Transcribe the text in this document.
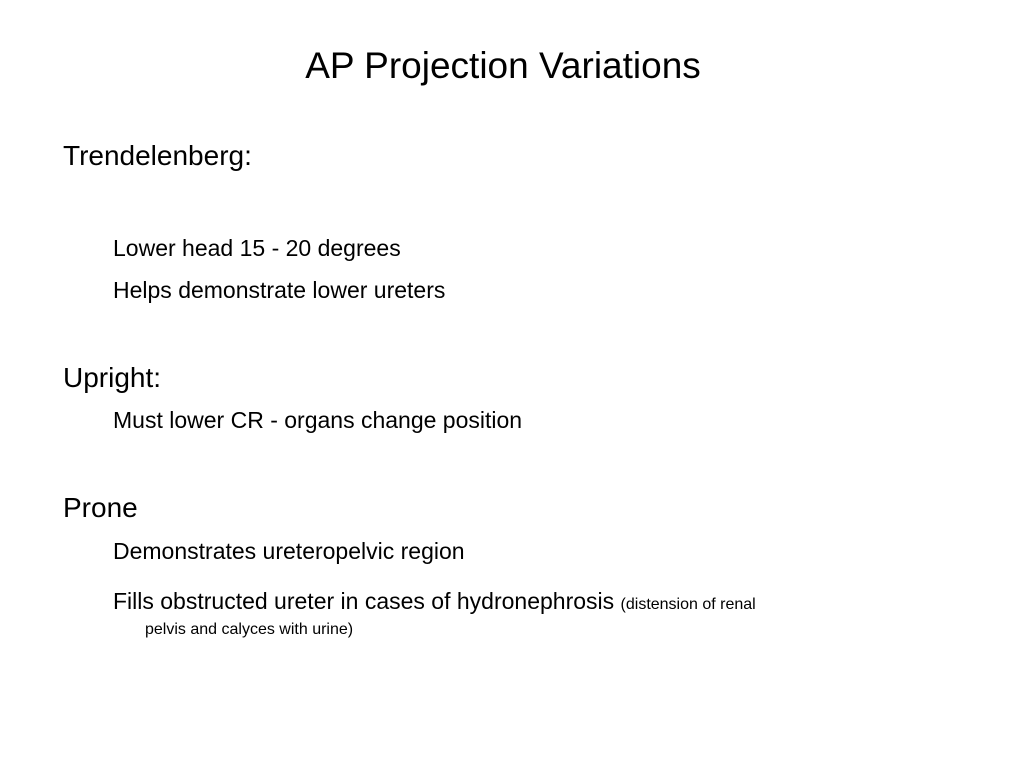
AP Projection Variations
Trendelenberg:
Lower head 15 - 20 degrees
Helps demonstrate lower ureters
Upright:
Must lower CR - organs change position
Prone
Demonstrates ureteropelvic region
Fills obstructed ureter in cases of hydronephrosis (distension of renal
pelvis and calyces with urine)
